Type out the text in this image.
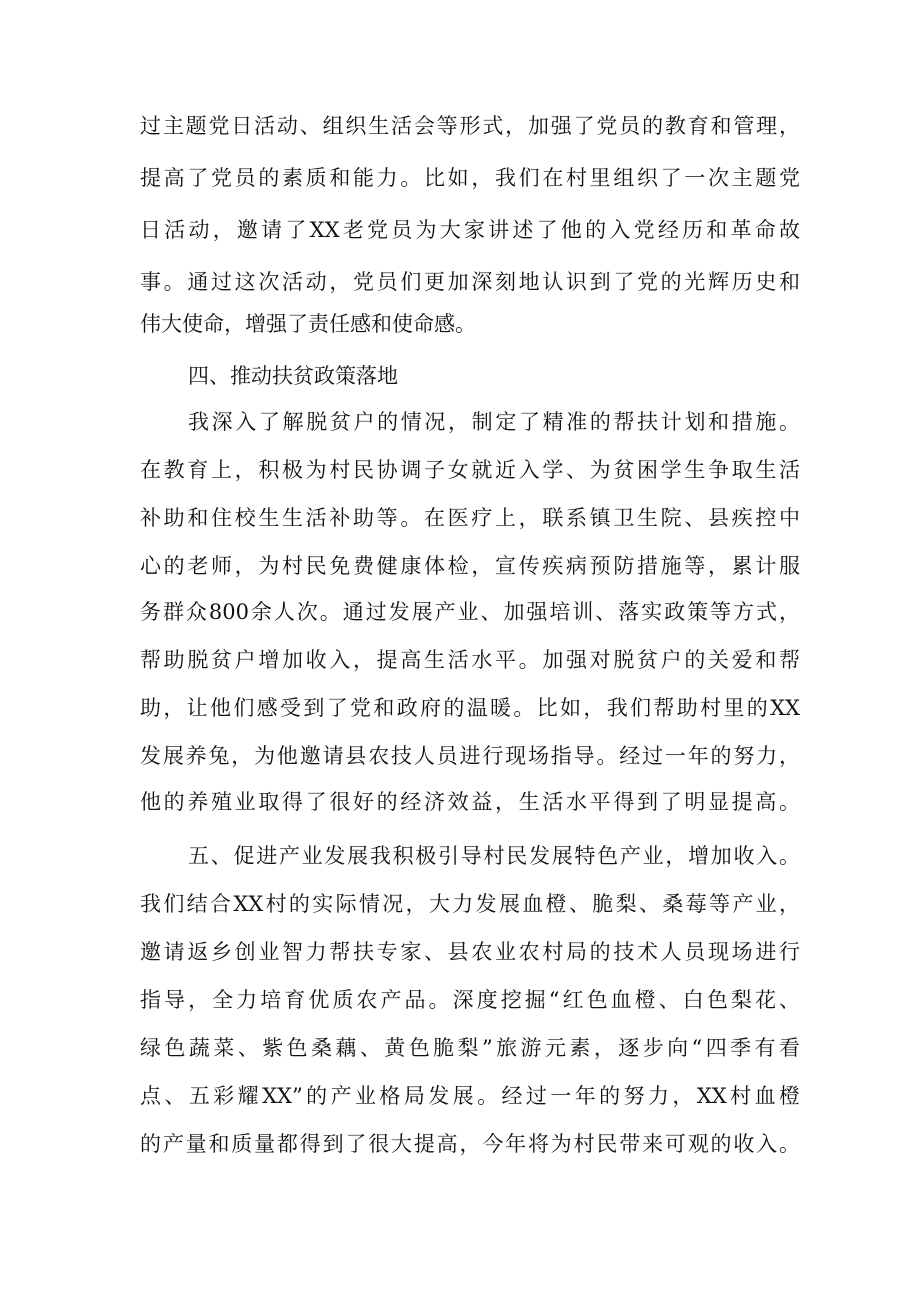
过主题党日活动、组织生活会等形式，加强了党员的教育和管理，
提高了党员的素质和能力。比如，我们在村里组织了一次主题党
日活动，邀请了XX老党员为大家讲述了他的入党经历和革命故
事。通过这次活动，党员们更加深刻地认识到了党的光辉历史和
伟大使命，增强了责任感和使命感。
四、推动扶贫政策落地
我深入了解脱贫户的情况，制定了精准的帮扶计划和措施。
在教育上，积极为村民协调子女就近入学、为贫困学生争取生活
补助和住校生生活补助等。在医疗上，联系镇卫生院、县疾控中
心的老师，为村民免费健康体检，宣传疾病预防措施等，累计服
务群众800余人次。通过发展产业、加强培训、落实政策等方式，
帮助脱贫户增加收入，提高生活水平。加强对脱贫户的关爱和帮
助，让他们感受到了党和政府的温暖。比如，我们帮助村里的XX
发展养兔，为他邀请县农技人员进行现场指导。经过一年的努力，
他的养殖业取得了很好的经济效益，生活水平得到了明显提高。
五、促进产业发展我积极引导村民发展特色产业，增加收入。
我们结合XX村的实际情况，大力发展血橙、脆梨、桑莓等产业，
邀请返乡创业智力帮扶专家、县农业农村局的技术人员现场进行
指导，全力培育优质农产品。深度挖掘“红色血橙、白色梨花、
绿色蔬菜、紫色桑藕、黄色脆梨”旅游元素，逐步向“四季有看
点、五彩耀XX”的产业格局发展。经过一年的努力，XX村血橙
的产量和质量都得到了很大提高，今年将为村民带来可观的收入。
